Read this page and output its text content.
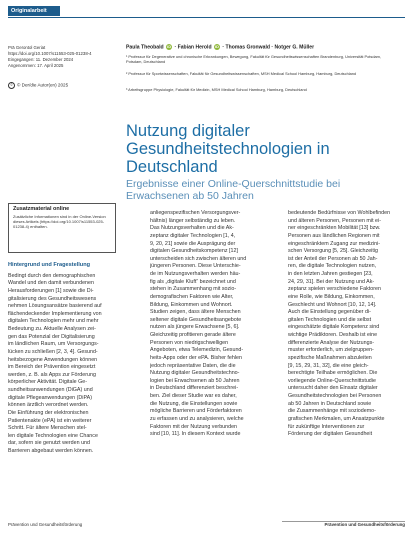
Originalarbeit
Prä Gerontol Geriat
https://doi.org/10.1007/s11553-025-01238-4
Eingegangen: 11. Dezember 2024
Angenommen: 17. April 2025
© © Der/die Autor(en) 2025
Paula Theobald iD · Fabian Herold iD · Thomas Gronwald · Notger G. Müller
¹ Professur für Degenerative und chronische Erkrankungen, Bewegung, Fakultät für Gesundheitswissenschaften Brandenburg, Universität Potsdam, Potsdam, Deutschland
² Professur für Sportwissenschaften, Fakultät für Gesundheitswissenschaften, MSH Medical School Hamburg, Hamburg, Deutschland
³ Arbeitsgruppe Physiologie, Fakultät für Medizin, MSH Medical School Hamburg, Hamburg, Deutschland
Nutzung digitaler Gesundheitstechnologien in Deutschland
Ergebnisse einer Online-Querschnittstudie bei Erwachsenen ab 50 Jahren
Zusatzmaterial online
Zusätzliche Informationen sind in der Online-Version dieses Artikels (https://doi.org/10.1007/s11553-025-01238-4) enthalten.
Hintergrund und Fragestellung
Bedingt durch den demographischen
Wandel und den damit verbundenen
Herausforderungen [1] sowie die Di-
gitalisierung des Gesundheitswesens
nehmen Lösungsansätze basierend auf
flächendeckender Implementierung von
digitalen Technologien mehr und mehr
Bedeutung zu. Aktuelle Analysen zei-
gen das Potenzial der Digitalisierung
im ländlichen Raum, um Versorgungs-
lücken zu schließen [2, 3, 4]. Gesund-
heitsbezogene Anwendungen können
im Bereich der Prävention eingesetzt
werden, z. B. als Apps zur Förderung
körperlicher Aktivität. Digitale Ge-
sundheitsanwendungen (DiGA) und
digitale Pflegeanwendungen (DiPA)
können ärztlich verordnet werden.
Die Einführung der elektronischen
Patientenakte (ePA) ist ein weiterer
Schritt. Für ältere Menschen stel-
len digitale Technologien eine Chance
dar, sofern sie genutzt werden und
Barrieren abgebaut werden können.
anliegenspezifischen Versorgungsver-
hältnis) länger selbständig zu leben.
Das Nutzungsverhalten und die Ak-
zeptanz digitaler Technologien [1, 4,
9, 20, 21] sowie die Ausprägung der
digitalen Gesundheitskompetenz [12]
unterscheiden sich zwischen älteren und
jüngeren Personen. Diese Unterschie-
de im Nutzungsverhalten werden häu-
fig als „digitale Kluft“ bezeichnet und
stehen in Zusammenhang mit sozio-
demografischen Faktoren wie Alter,
Bildung, Einkommen und Wohnort.
Studien zeigen, dass ältere Menschen
seltener digitale Gesundheitsangebote
nutzen als jüngere Erwachsene [5, 6].
Gleichzeitig profitieren gerade ältere
Personen von niedrigschwelligen
Angeboten, etwa Telemedizin, Gesund-
heits-Apps oder der ePA. Bisher fehlen
jedoch repräsentative Daten, die die
Nutzung digitaler Gesundheitstechno-
logien bei Erwachsenen ab 50 Jahren
in Deutschland differenziert beschrei-
ben. Ziel dieser Studie war es daher,
die Nutzung, die Einstellungen sowie
mögliche Barrieren und Förderfaktoren
zu erfassen und zu analysieren, welche
Faktoren mit der Nutzung verbunden
sind [10, 11]. In diesem Kontext wurde
bedeutende Bedürfnisse von Wohlbefinden
und älteren Personen, Personen mit ei-
ner eingeschränkten Mobilität [13] bzw.
Personen aus ländlichen Regionen mit
eingeschränktem Zugang zur medizini-
schen Versorgung [5, 25]. Gleichzeitig
ist der Anteil der Personen ab 50 Jah-
ren, die digitale Technologien nutzen,
in den letzten Jahren gestiegen [23,
24, 29, 31]. Bei der Nutzung und Ak-
zeptanz spielen verschiedene Faktoren
eine Rolle, wie Bildung, Einkommen,
Geschlecht und Wohnort [10, 12, 14].
Auch die Einstellung gegenüber di-
gitalen Technologien und die selbst
eingeschätzte digitale Kompetenz sind
wichtige Prädiktoren. Deshalb ist eine
differenzierte Analyse der Nutzungs-
muster erforderlich, um zielgruppen-
spezifische Maßnahmen abzuleiten
[9, 15, 29, 31, 32], die eine gleich-
berechtigte Teilhabe ermöglichen. Die
vorliegende Online-Querschnittstudie
untersucht daher den Einsatz digitaler
Gesundheitstechnologien bei Personen
ab 50 Jahren in Deutschland sowie
die Zusammenhänge mit soziodemo-
grafischen Merkmalen, um Ansatzpunkte
für zukünftige Interventionen zur
Förderung der digitalen Gesundheit
Prävention und Gesundheitsförderung	Prävention und Gesundheitsförderung
